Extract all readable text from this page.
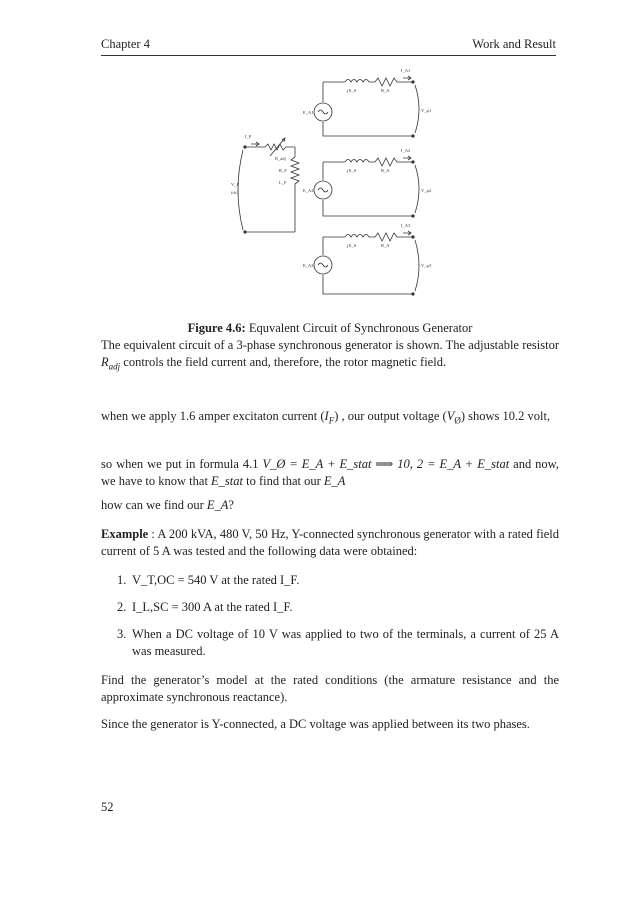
Chapter 4	Work and Result
I_F
R_adj
R_F
L_F
V_F
(dc)
I_A1
jX_S	R_A
E_A1	V_φ1
I_A2
jX_S	R_A
E_A2	V_φ2
I_A3
jX_S	R_A
E_A3	V_φ3
Figure 4.6: Equvalent Circuit of Synchronous Generator
The equivalent circuit of a 3-phase synchronous generator is shown. The adjustable resistor $R_{adj}$ controls the field current and, therefore, the rotor magnetic field.
when we apply 1.6 amper excitaton current $(I_F)$ , our output voltage $(V_Ø)$ shows 10.2 volt,
so when we put in formula 4.1 V_Ø = E_A + E_stat ⟹ 10, 2 = E_A + E_stat and now, we have to know that E_stat to find that our E_A
how can we find our E_A?
Example : A 200 kVA, 480 V, 50 Hz, Y-connected synchronous generator with a rated field current of 5 A was tested and the following data were obtained:
1. V_T,OC = 540 V at the rated I_F.
2. I_L,SC = 300 A at the rated I_F.
3. When a DC voltage of 10 V was applied to two of the terminals, a current of 25 A was measured.
Find the generator’s model at the rated conditions (the armature resistance and the approximate synchronous reactance).
Since the generator is Y-connected, a DC voltage was applied between its two phases.
52
